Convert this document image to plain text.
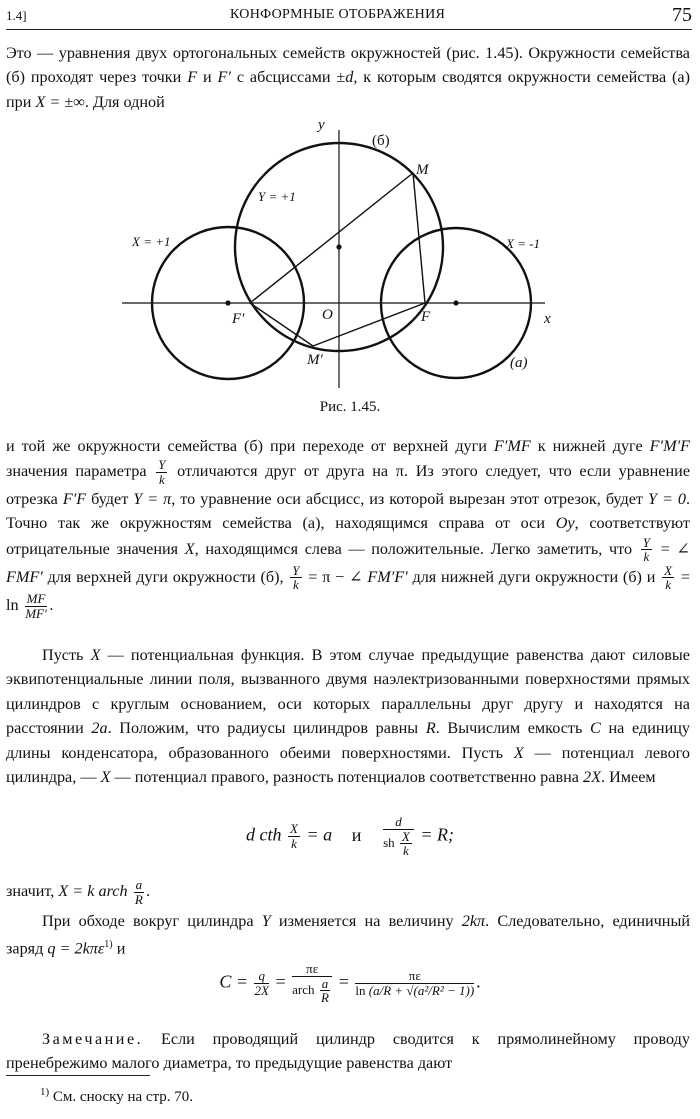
1.4]	КОНФОРМНЫЕ ОТОБРАЖЕНИЯ	75
Это — уравнения двух ортогональных семейств окружностей (рис. 1.45). Окружности семейства (б) проходят через точки F и F′ с абсциссами ±d, к которым сводятся окружности семейства (а) при X = ±∞. Для одной
y
(б)
M
Y = +1
X = +1	X = -1
F′	O	F	x
M′	(a)
Рис. 1.45.
и той же окружности семейства (б) при переходе от верхней дуги F′MF к нижней дуге F′M′F значения параметра $\frac{Y}{k}$ отличаются друг от друга на π. Из этого следует, что если уравнение отрезка F′F будет Y = π, то уравнение оси абсцисс, из которой вырезан этот отрезок, будет Y = 0. Точно так же окружностям семейства (а), находящимся справа от оси Oy, соответствуют отрицательные значения X, находящимся слева — положительные. Легко заметить, что $\frac{Y}{k}$ = ∠ FMF′ для верхней дуги окружности (б), $\frac{Y}{k} = \pi$ − ∠ FM′F′ для нижней дуги окружности (б) и $\frac{X}{k} = \ln \frac{MF}{MF'}$ .
Пусть X — потенциальная функция. В этом случае предыдущие равенства дают силовые эквипотенциальные линии поля, вызванного двумя наэлектризованными поверхностями прямых цилиндров с круглым основанием, оси которых параллельны друг другу и находятся на расстоянии 2a. Положим, что радиусы цилиндров равны R. Вычислим емкость C на единицу длины конденсатора, образованного обеими поверхностями. Пусть X — потенциал левого цилиндра, — X — потенциал правого, разность потенциалов соответственно равна 2X. Имеем
d cth $\frac{X}{k} = a$ и $\frac{d}{sh \frac{X}{k}} = R$;
значит, X = k arch $\frac{a}{R}$ .
При обходе вокруг цилиндра Y изменяется на величину 2kπ. Следовательно, единичный заряд q = 2kπε$^{1)}$ и
$C = \frac{q}{2X}$ =
πε
arch $\frac{a}{R} = \frac{\pi\varepsilon}{\text{ln (a/R + √(a²/R² − 1))}}$ .
Замечание. Если проводящий цилиндр сводится к прямолинейному проводу пренебрежимо малого диаметра, то предыдущие равенства дают
$^{1)}$ См. сноску на стр. 70.
